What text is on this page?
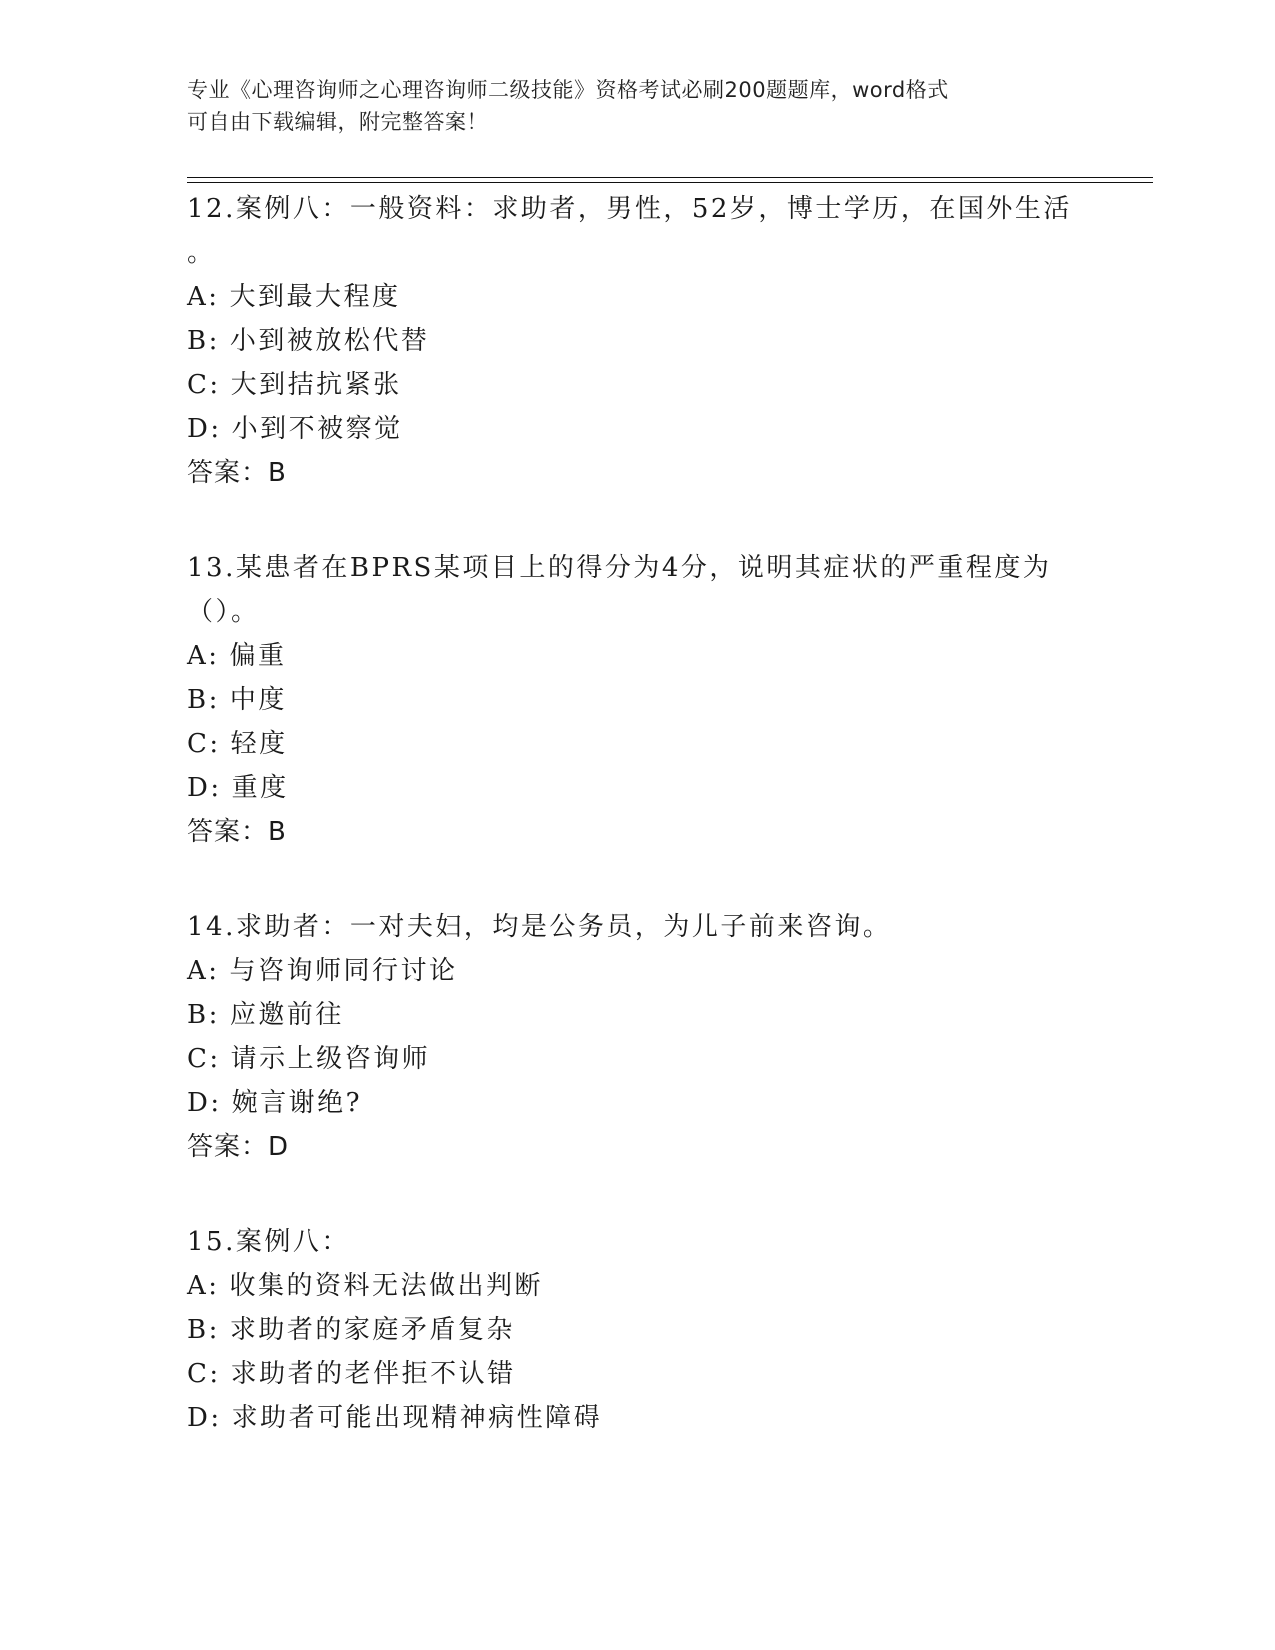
专业《心理咨询师之心理咨询师二级技能》资格考试必刷200题题库，word格式
可自由下载编辑，附完整答案！
12.案例八：一般资料：求助者，男性，52岁，博士学历，在国外生活
。
A: 大到最大程度
B: 小到被放松代替
C: 大到拮抗紧张
D: 小到不被察觉
答案：B
13.某患者在BPRS某项目上的得分为4分，说明其症状的严重程度为
（）。
A: 偏重
B: 中度
C: 轻度
D: 重度
答案：B
14.求助者：一对夫妇，均是公务员，为儿子前来咨询。
A: 与咨询师同行讨论
B: 应邀前往
C: 请示上级咨询师
D: 婉言谢绝?
答案：D
15.案例八：
A: 收集的资料无法做出判断
B: 求助者的家庭矛盾复杂
C: 求助者的老伴拒不认错
D: 求助者可能出现精神病性障碍
